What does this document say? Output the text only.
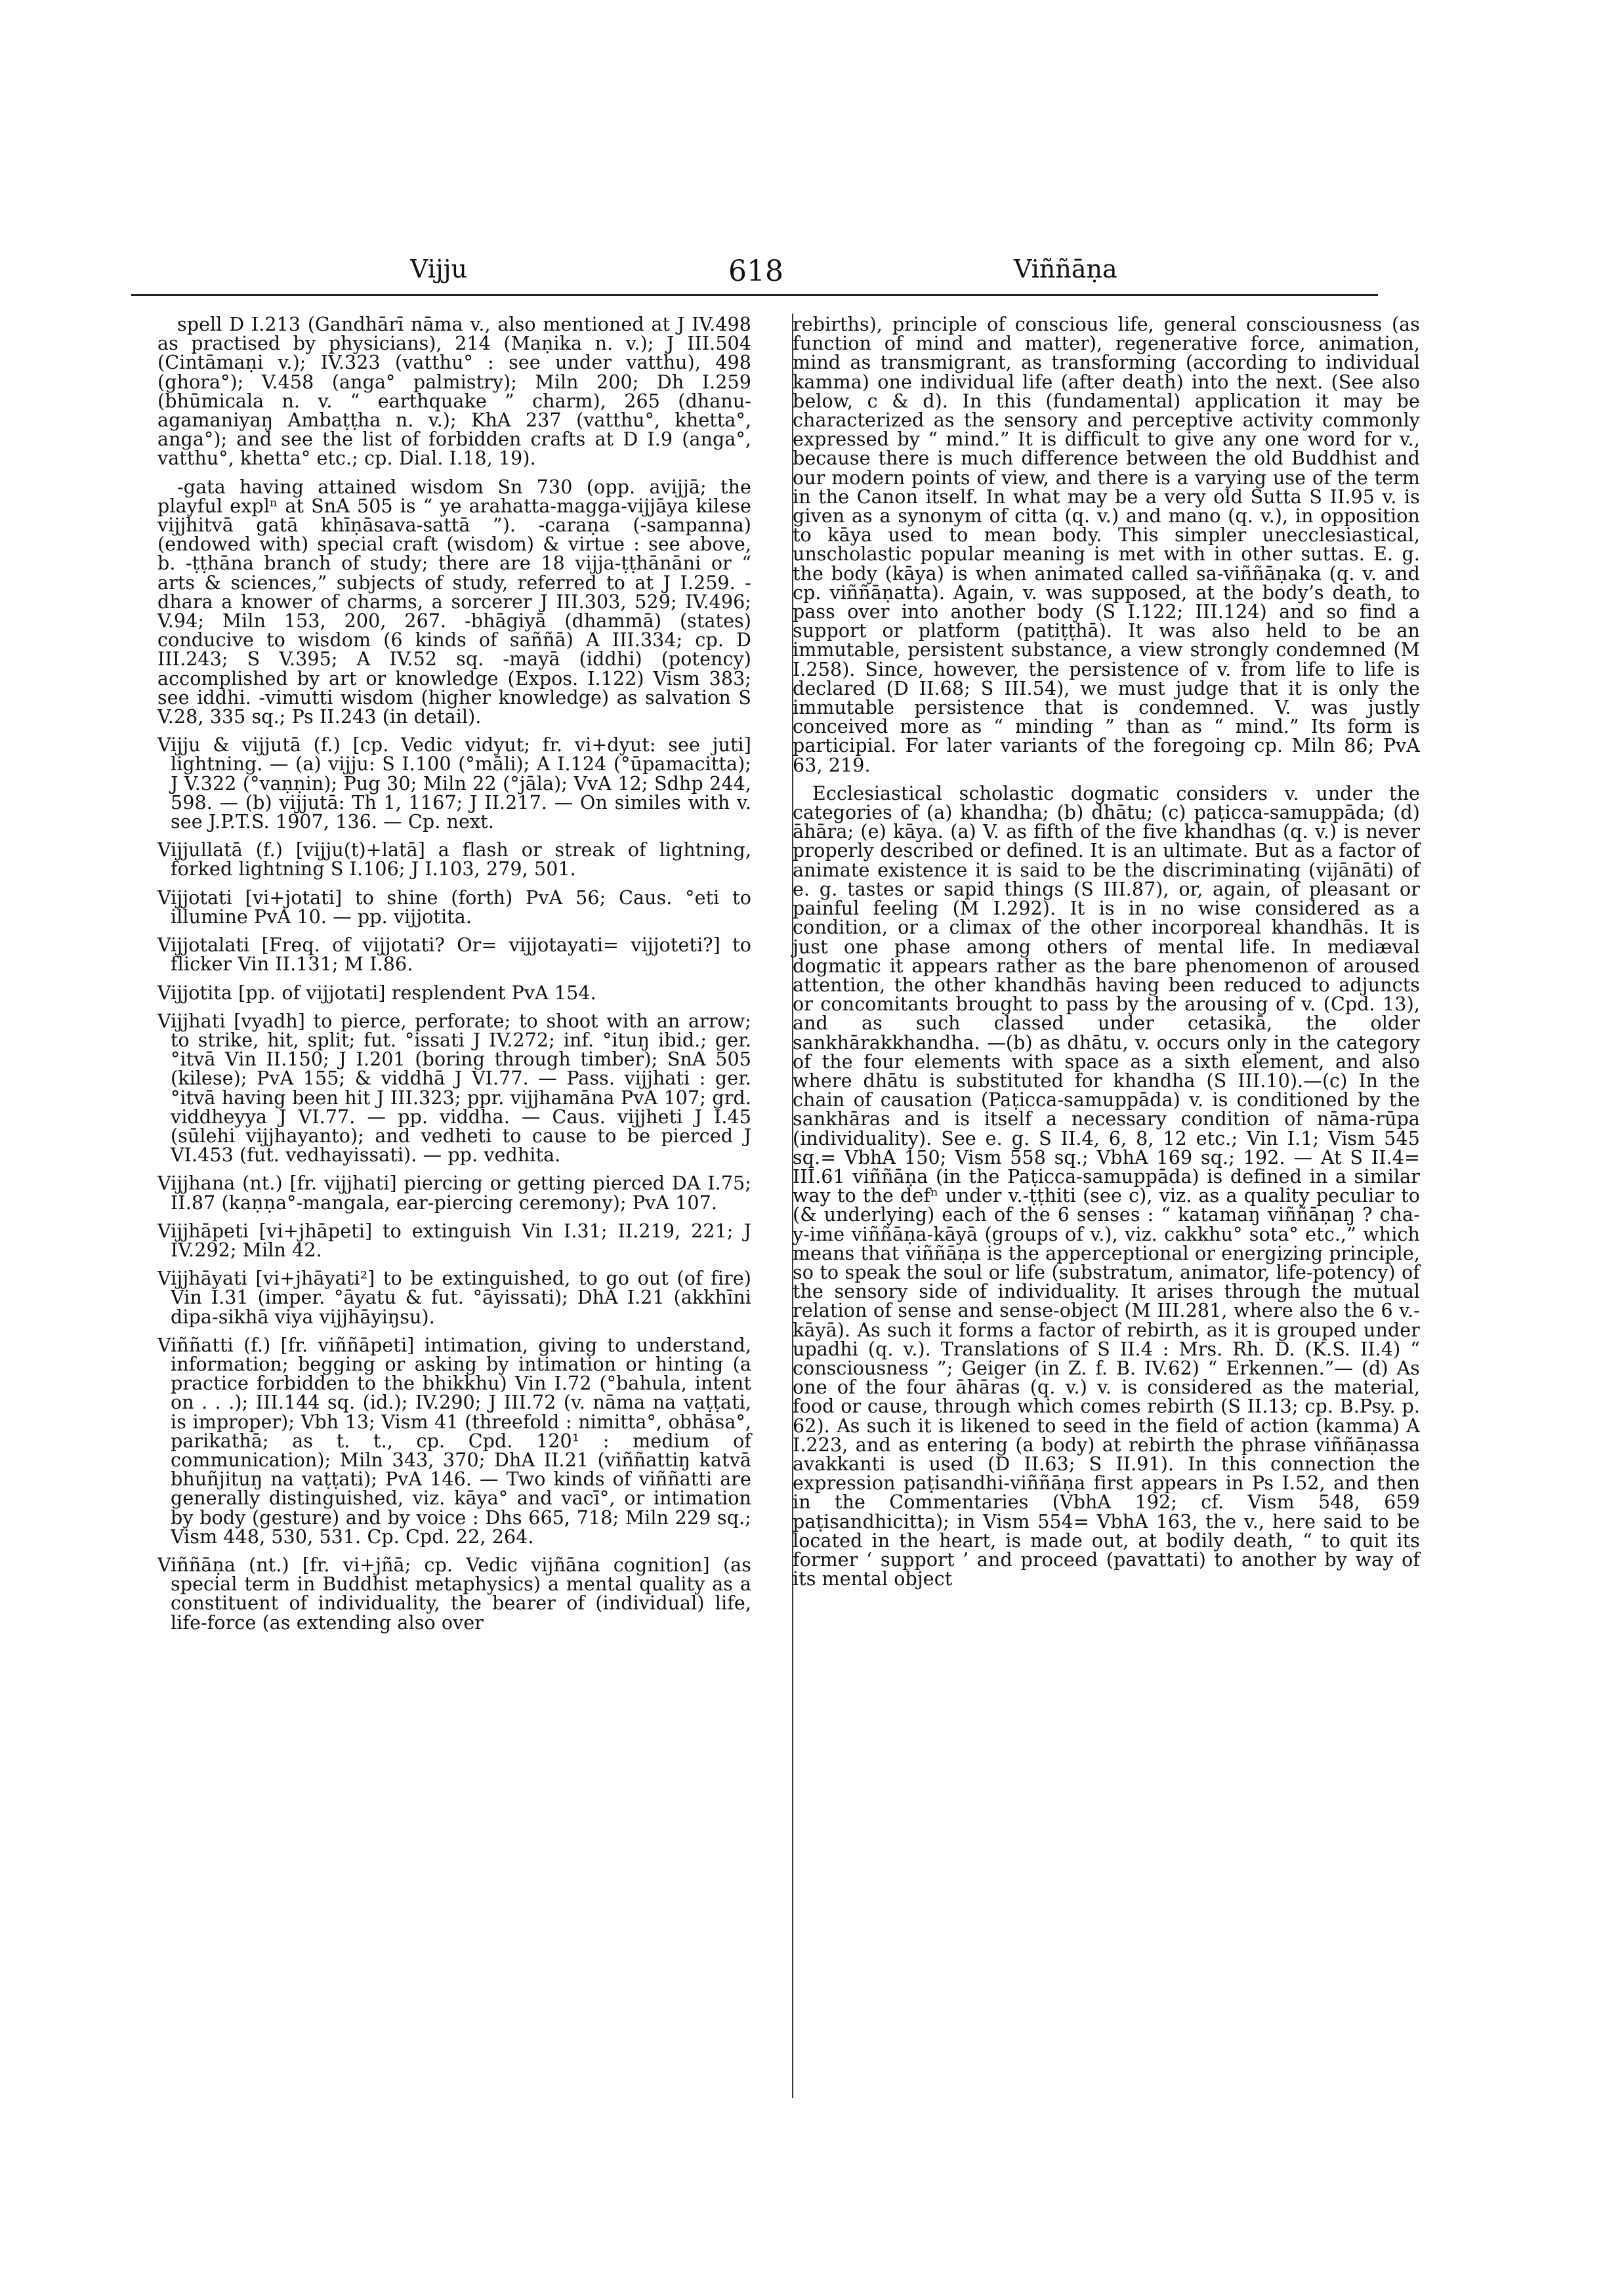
Vijju	618	Viññāṇa

spell D I.213 (Gandhārī nāma v., also mentioned at J IV.498 as practised by physicians), 214 (Maṇika n. v.); J III.504 (Cintāmaṇi v.); IV.323 (vatthu° : see under vatthu), 498 (ghora°); V.458 (anga° palmistry); Miln 200; Dh I.259 (bhūmicala n. v. “ earthquake ” charm), 265 (dhanu-agamaniyaŋ Ambaṭṭha n. v.); KhA 237 (vatthu°, khetta°, anga°); and see the list of forbidden crafts at D I.9 (anga°, vatthu°, khetta° etc.; cp. Dial. I.18, 19).

-gata having attained wisdom Sn 730 (opp. avijjā; the playful explⁿ at SnA 505 is “ ye arahatta-magga-vijjāya kilese vijjhitvā gatā khīṇāsava-sattā ”). -caraṇa (-sampanna) (endowed with) special craft (wisdom) & virtue : see above, b. -ṭṭhāna branch of study; there are 18 vijja-ṭṭhānāni or “ arts & sciences,” subjects of study, referred to at J I.259. -dhara a knower of charms, a sorcerer J III.303, 529; IV.496; V.94; Miln 153, 200, 267. -bhāgiyā (dhammā) (states) conducive to wisdom (6 kinds of saññā) A III.334; cp. D III.243; S V.395; A IV.52 sq. -mayā (iddhi) (potency) accomplished by art or knowledge (Expos. I.122) Vism 383; see iddhi. -vimutti wisdom (higher knowledge) as salvation S V.28, 335 sq.; Ps II.243 (in detail).

Vijju & vijjutā (f.) [cp. Vedic vidyut; fr. vi+dyut: see juti] lightning. — (a) vijju: S I.100 (°māli); A I.124 (°ūpamacitta); J V.322 (°vaṇṇin); Pug 30; Miln 22 (°jāla); VvA 12; Sdhp 244, 598. — (b) vijjutā: Th 1, 1167; J II.217. — On similes with v. see J.P.T.S. 1907, 136. — Cp. next.

Vijjullatā (f.) [vijju(t)+latā] a flash or streak of lightning, forked lightning S I.106; J I.103, 279, 501.

Vijjotati [vi+jotati] to shine (forth) PvA 56; Caus. °eti to illumine PvA 10. — pp. vijjotita.

Vijjotalati [Freq. of vijjotati? Or= vijjotayati= vijjoteti?] to flicker Vin II.131; M I.86.

Vijjotita [pp. of vijjotati] resplendent PvA 154.

Vijjhati [vyadh] to pierce, perforate; to shoot with an arrow; to strike, hit, split; fut. °issati J IV.272; inf. °ituŋ ibid.; ger. °itvā Vin II.150; J I.201 (boring through timber); SnA 505 (kilese); PvA 155; & viddhā J VI.77. — Pass. vijjhati : ger. °itvā having been hit J III.323; ppr. vijjhamāna PvA 107; grd. viddheyya J VI.77. — pp. viddha. — Caus. vijjheti J I.45 (sūlehi vijjhayanto); and vedheti to cause to be pierced J VI.453 (fut. vedhayissati). — pp. vedhita.

Vijjhana (nt.) [fr. vijjhati] piercing or getting pierced DA I.75; II.87 (kaṇṇa°-mangala, ear-piercing ceremony); PvA 107.

Vijjhāpeti [vi+jhāpeti] to extinguish Vin I.31; II.219, 221; J IV.292; Miln 42.

Vijjhāyati [vi+jhāyati²] to be extinguished, to go out (of fire) Vin I.31 (imper. °āyatu & fut. °āyissati); DhA I.21 (akkhīni dipa-sikhā viya vijjhāyiŋsu).

Viññatti (f.) [fr. viññāpeti] intimation, giving to understand, information; begging or asking by intimation or hinting (a practice forbidden to the bhikkhu) Vin I.72 (°bahula, intent on . . .); III.144 sq. (id.); IV.290; J III.72 (v. nāma na vaṭṭati, is improper); Vbh 13; Vism 41 (threefold : nimitta°, obhāsa°, parikathā; as t. t., cp. Cpd. 120¹ : medium of communication); Miln 343, 370; DhA II.21 (viññattiŋ katvā bhuñjituŋ na vaṭṭati); PvA 146. — Two kinds of viññatti are generally distinguished, viz. kāya° and vacī°, or intimation by body (gesture) and by voice : Dhs 665, 718; Miln 229 sq.; Vism 448, 530, 531. Cp. Cpd. 22, 264.

Viññāṇa (nt.) [fr. vi+jñā; cp. Vedic vijñāna cognition] (as special term in Buddhist metaphysics) a mental quality as a constituent of individuality, the bearer of (individual) life, life-force (as extending also over

rebirths), principle of conscious life, general consciousness (as function of mind and matter), regenerative force, animation, mind as transmigrant, as transforming (according to individual kamma) one individual life (after death) into the next. (See also below, c & d). In this (fundamental) application it may be characterized as the sensory and perceptive activity commonly expressed by “ mind.” It is difficult to give any one word for v., because there is much difference between the old Buddhist and our modern points of view, and there is a varying use of the term in the Canon itself. In what may be a very old Sutta S II.95 v. is given as a synonym of citta (q. v.) and mano (q. v.), in opposition to kāya used to mean body. This simpler unecclesiastical, unscholastic popular meaning is met with in other suttas. E. g. the body (kāya) is when animated called sa-viññāṇaka (q. v. and cp. viññāṇatta). Again, v. was supposed, at the body’s death, to pass over into another body (S I.122; III.124) and so find a support or platform (patiṭṭhā). It was also held to be an immutable, persistent substance, a view strongly condemned (M I.258). Since, however, the persistence of v. from life to life is declared (D II.68; S III.54), we must judge that it is only the immutable persistence that is condemned. V. was justly conceived more as “ minding ” than as “ mind.” Its form is participial. For later variants of the foregoing cp. Miln 86; PvA 63, 219.

Ecclesiastical scholastic dogmatic considers v. under the categories of (a) khandha; (b) dhātu; (c) paṭicca-samuppāda; (d) āhāra; (e) kāya. (a) V. as fifth of the five khandhas (q. v.) is never properly described or defined. It is an ultimate. But as a factor of animate existence it is said to be the discriminating (vijānāti) of e. g. tastes or sapid things (S III.87), or, again, of pleasant or painful feeling (M I.292). It is in no wise considered as a condition, or a climax of the other incorporeal khandhās. It is just one phase among others of mental life. In mediæval dogmatic it appears rather as the bare phenomenon of aroused attention, the other khandhās having been reduced to adjuncts or concomitants brought to pass by the arousing of v. (Cpd. 13), and as such classed under cetasikā, the older sankhārakkhandha. —(b) as dhātu, v. occurs only in the category of the four elements with space as a sixth element, and also where dhātu is substituted for khandha (S III.10).—(c) In the chain of causation (Paṭicca-samuppāda) v. is conditioned by the sankhāras and is itself a necessary condition of nāma-rūpa (individuality). See e. g. S II.4, 6, 8, 12 etc.; Vin I.1; Vism 545 sq.= VbhA 150; Vism 558 sq.; VbhA 169 sq.; 192. — At S II.4= III.61 viññāṇa (in the Paṭicca-samuppāda) is defined in a similar way to the defⁿ under v.-ṭṭhiti (see c), viz. as a quality peculiar to (& underlying) each of the 6 senses : “ katamaŋ viññāṇaŋ ? cha-y-ime viññāṇa-kāyā (groups of v.), viz. cakkhu° sota° etc.,” which means that viññāṇa is the apperceptional or energizing principle, so to speak the soul or life (substratum, animator, life-potency) of the sensory side of individuality. It arises through the mutual relation of sense and sense-object (M III.281, where also the 6 v.-kāyā). As such it forms a factor of rebirth, as it is grouped under upadhi (q. v.). Translations of S II.4 : Mrs. Rh. D. (K.S. II.4) “ consciousness ”; Geiger (in Z. f. B. IV.62) “ Erkennen.”— (d) As one of the four āhāras (q. v.) v. is considered as the material, food or cause, through which comes rebirth (S II.13; cp. B.Psy. p. 62). As such it is likened to seed in the field of action (kamma) A I.223, and as entering (a body) at rebirth the phrase viññāṇassa avakkanti is used (D II.63; S II.91). In this connection the expression paṭisandhi-viññāṇa first appears in Ps I.52, and then in the Commentaries (VbhA 192; cf. Vism 548, 659 paṭisandhicitta); in Vism 554= VbhA 163, the v., here said to be located in the heart, is made out, at bodily death, “ to quit its former ‘ support ’ and proceed (pavattati) to another by way of its mental object
